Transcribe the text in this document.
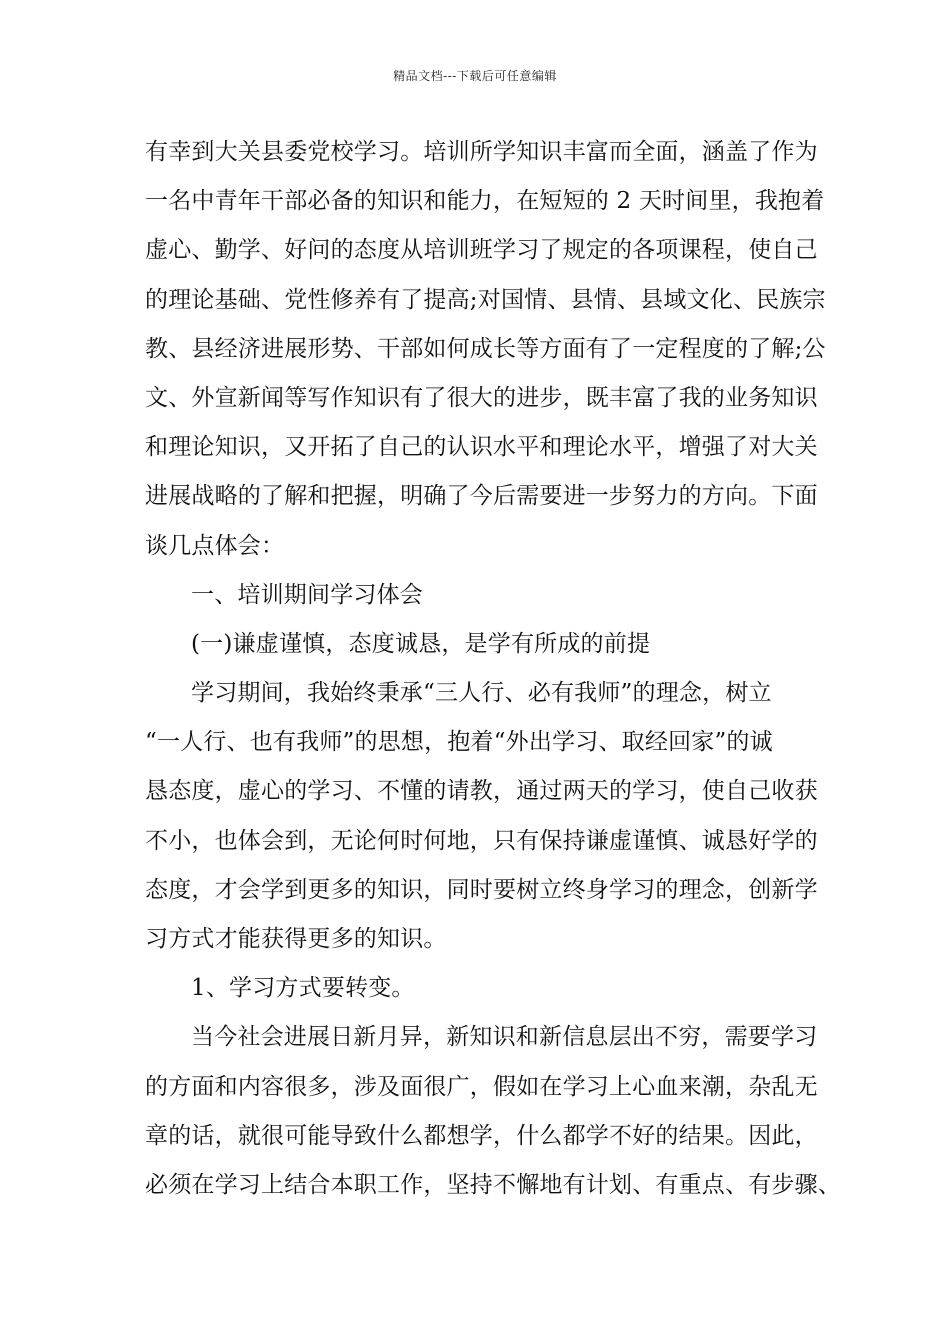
精品文档---下载后可任意编辑
有幸到大关县委党校学习。培训所学知识丰富而全面，涵盖了作为
一名中青年干部必备的知识和能力，在短短的 2 天时间里，我抱着
虚心、勤学、好问的态度从培训班学习了规定的各项课程，使自己
的理论基础、党性修养有了提高;对国情、县情、县域文化、民族宗
教、县经济进展形势、干部如何成长等方面有了一定程度的了解;公
文、外宣新闻等写作知识有了很大的进步，既丰富了我的业务知识
和理论知识，又开拓了自己的认识水平和理论水平，增强了对大关
进展战略的了解和把握，明确了今后需要进一步努力的方向。下面
谈几点体会：
一、培训期间学习体会
(一)谦虚谨慎，态度诚恳，是学有所成的前提
学习期间，我始终秉承“三人行、必有我师”的理念，树立
“一人行、也有我师”的思想，抱着“外出学习、取经回家”的诚
恳态度，虚心的学习、不懂的请教，通过两天的学习，使自己收获
不小，也体会到，无论何时何地，只有保持谦虚谨慎、诚恳好学的
态度，才会学到更多的知识，同时要树立终身学习的理念，创新学
习方式才能获得更多的知识。
1、学习方式要转变。
当今社会进展日新月异，新知识和新信息层出不穷，需要学习
的方面和内容很多，涉及面很广，假如在学习上心血来潮，杂乱无
章的话，就很可能导致什么都想学，什么都学不好的结果。因此，
必须在学习上结合本职工作，坚持不懈地有计划、有重点、有步骤、
